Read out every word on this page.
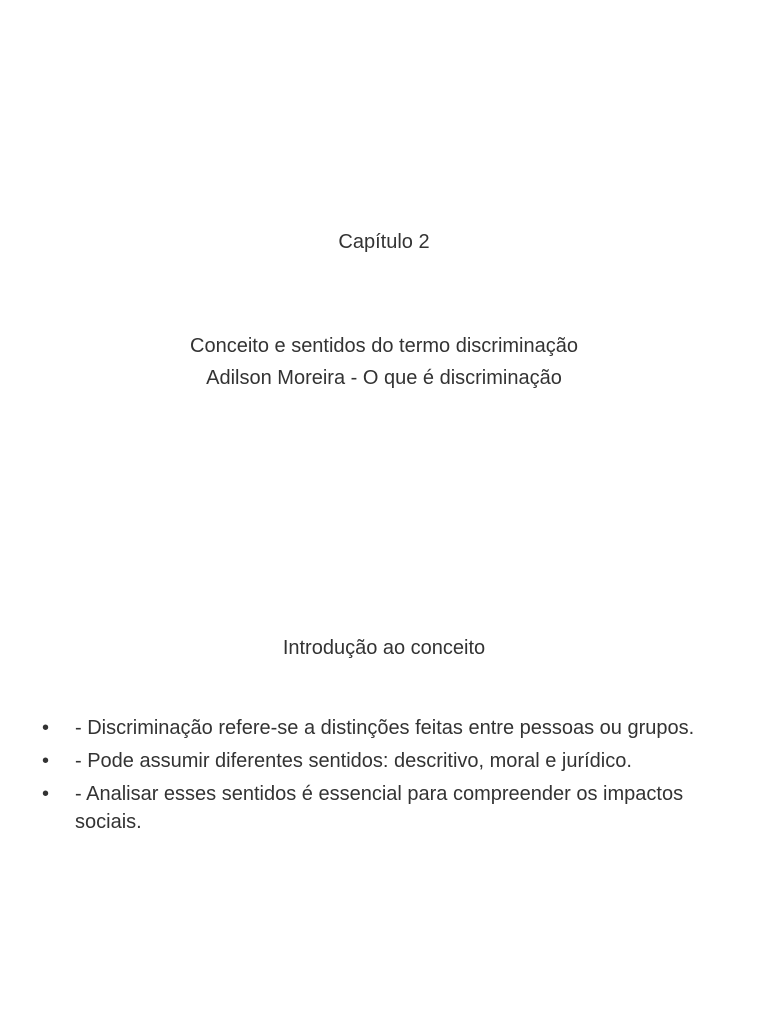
Capítulo 2
Conceito e sentidos do termo discriminação
Adilson Moreira - O que é discriminação
Introdução ao conceito
• - Discriminação refere-se a distinções feitas entre pessoas ou grupos.
• - Pode assumir diferentes sentidos: descritivo, moral e jurídico.
• - Analisar esses sentidos é essencial para compreender os impactos sociais.
